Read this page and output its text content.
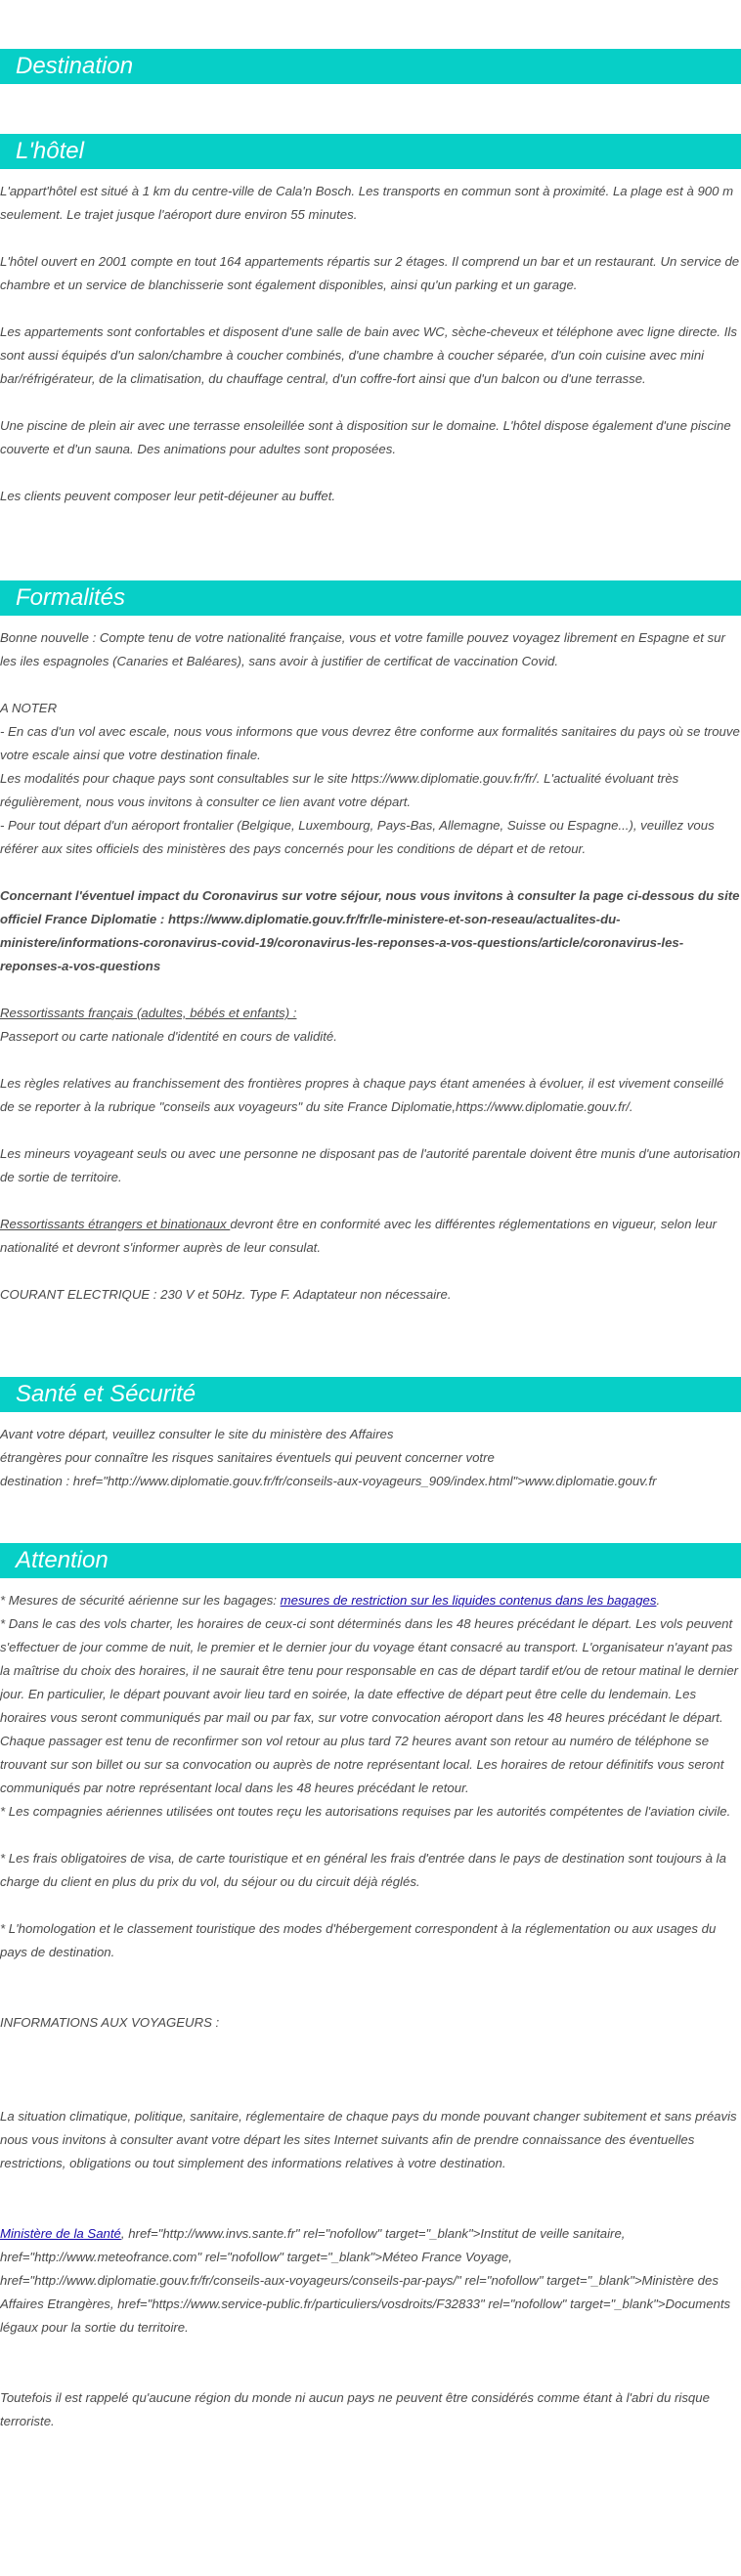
Destination
L'hôtel

L'appart'hôtel est situé à 1 km du centre-ville de Cala'n Bosch. Les transports en commun sont à proximité. La plage est à 900 m seulement. Le trajet jusque l'aéroport dure environ 55 minutes.

L'hôtel ouvert en 2001 compte en tout 164 appartements répartis sur 2 étages. Il comprend un bar et un restaurant. Un service de chambre et un service de blanchisserie sont également disponibles, ainsi qu'un parking et un garage.

Les appartements sont confortables et disposent d'une salle de bain avec WC, sèche-cheveux et téléphone avec ligne directe. Ils sont aussi équipés d'un salon/chambre à coucher combinés, d'une chambre à coucher séparée, d'un coin cuisine avec mini bar/réfrigérateur, de la climatisation, du chauffage central, d'un coffre-fort ainsi que d'un balcon ou d'une terrasse.

Une piscine de plein air avec une terrasse ensoleillée sont à disposition sur le domaine. L'hôtel dispose également d'une piscine couverte et d'un sauna. Des animations pour adultes sont proposées.

Les clients peuvent composer leur petit-déjeuner au buffet.

Formalités

Bonne nouvelle : Compte tenu de votre nationalité française, vous et votre famille pouvez voyagez librement en Espagne et sur les iles espagnoles (Canaries et Baléares), sans avoir à justifier de certificat de vaccination Covid.

A NOTER

- En cas d'un vol avec escale, nous vous informons que vous devrez être conforme aux formalités sanitaires du pays où se trouve votre escale ainsi que votre destination finale.

Les modalités pour chaque pays sont consultables sur le site https://www.diplomatie.gouv.fr/fr/. L'actualité évoluant très régulièrement, nous vous invitons à consulter ce lien avant votre départ.

- Pour tout départ d'un aéroport frontalier (Belgique, Luxembourg, Pays-Bas, Allemagne, Suisse ou Espagne...), veuillez vous référer aux sites officiels des ministères des pays concernés pour les conditions de départ et de retour.

Concernant l'éventuel impact du Coronavirus sur votre séjour, nous vous invitons à consulter la page ci-dessous du site officiel France Diplomatie : https://www.diplomatie.gouv.fr/fr/le-ministere-et-son-reseau/actualites-du-ministere/informations-coronavirus-covid-19/coronavirus-les-reponses-a-vos-questions/article/coronavirus-les-reponses-a-vos-questions

Ressortissants français (adultes, bébés et enfants) :

Passeport ou carte nationale d'identité en cours de validité.

Les règles relatives au franchissement des frontières propres à chaque pays étant amenées à évoluer, il est vivement conseillé de se reporter à la rubrique "conseils aux voyageurs" du site France Diplomatie,https://www.diplomatie.gouv.fr/.

Les mineurs voyageant seuls ou avec une personne ne disposant pas de l'autorité parentale doivent être munis d'une autorisation de sortie de territoire.

Ressortissants étrangers et binationaux devront être en conformité avec les différentes réglementations en vigueur, selon leur nationalité et devront s'informer auprès de leur consulat.

COURANT ELECTRIQUE : 230 V et 50Hz. Type F. Adaptateur non nécessaire.

Santé et Sécurité

Avant votre départ, veuillez consulter le site du ministère des Affaires

étrangères pour connaître les risques sanitaires éventuels qui peuvent concerner votre

destination : href="http://www.diplomatie.gouv.fr/fr/conseils-aux-voyageurs_909/index.html">www.diplomatie.gouv.fr

Attention

* Mesures de sécurité aérienne sur les bagages: mesures de restriction sur les liquides contenus dans les bagages.

* Dans le cas des vols charter, les horaires de ceux-ci sont déterminés dans les 48 heures précédant le départ. Les vols peuvent s'effectuer de jour comme de nuit, le premier et le dernier jour du voyage étant consacré au transport. L'organisateur n'ayant pas la maîtrise du choix des horaires, il ne saurait être tenu pour responsable en cas de départ tardif et/ou de retour matinal le dernier jour. En particulier, le départ pouvant avoir lieu tard en soirée, la date effective de départ peut être celle du lendemain. Les horaires vous seront communiqués par mail ou par fax, sur votre convocation aéroport dans les 48 heures précédant le départ. Chaque passager est tenu de reconfirmer son vol retour au plus tard 72 heures avant son retour au numéro de téléphone se trouvant sur son billet ou sur sa convocation ou auprès de notre représentant local. Les horaires de retour définitifs vous seront communiqués par notre représentant local dans les 48 heures précédant le retour.

* Les compagnies aériennes utilisées ont toutes reçu les autorisations requises par les autorités compétentes de l'aviation civile.

* Les frais obligatoires de visa, de carte touristique et en général les frais d'entrée dans le pays de destination sont toujours à la charge du client en plus du prix du vol, du séjour ou du circuit déjà réglés.

* L'homologation et le classement touristique des modes d'hébergement correspondent à la réglementation ou aux usages du pays de destination.

INFORMATIONS AUX VOYAGEURS :

La situation climatique, politique, sanitaire, réglementaire de chaque pays du monde pouvant changer subitement et sans préavis

nous vous invitons à consulter avant votre départ les sites Internet suivants afin de prendre connaissance des éventuelles restrictions, obligations ou tout simplement des informations relatives à votre destination.

Ministère de la Santé, href="http://www.invs.sante.fr" rel="nofollow" target="_blank">Institut de veille sanitaire, href="http://www.meteofrance.com" rel="nofollow" target="_blank">Méteo France Voyage, href="http://www.diplomatie.gouv.fr/fr/conseils-aux-voyageurs/conseils-par-pays/" rel="nofollow" target="_blank">Ministère des Affaires Etrangères, href="https://www.service-public.fr/particuliers/vosdroits/F32833" rel="nofollow" target="_blank">Documents légaux pour la sortie du territoire.

Toutefois il est rappelé qu'aucune région du monde ni aucun pays ne peuvent être considérés comme étant à l'abri du risque terroriste.
